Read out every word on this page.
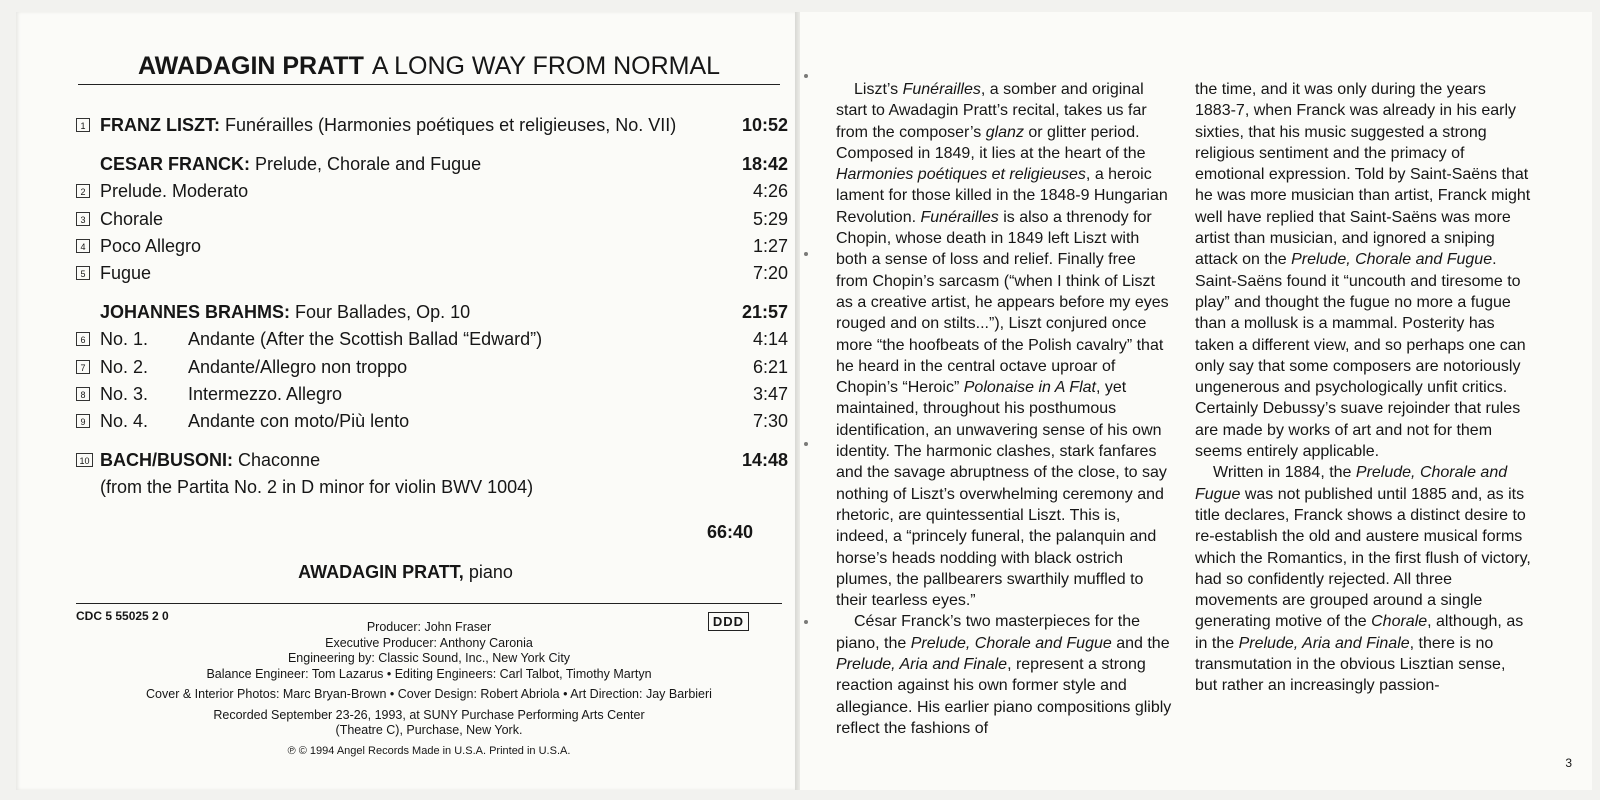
AWADAGIN PRATT A LONG WAY FROM NORMAL
1 FRANZ LISZT: Funérailles (Harmonies poétiques et religieuses, No. VII)	10:52
CESAR FRANCK: Prelude, Chorale and Fugue	18:42
2 Prelude. Moderato	4:26
3 Chorale	5:29
4 Poco Allegro	1:27
5 Fugue	7:20
JOHANNES BRAHMS: Four Ballades, Op. 10	21:57
6 No. 1. Andante (After the Scottish Ballad “Edward”)	4:14
7 No. 2. Andante/Allegro non troppo	6:21
8 No. 3. Intermezzo. Allegro	3:47
9 No. 4. Andante con moto/Più lento	7:30
10 BACH/BUSONI: Chaconne	14:48
(from the Partita No. 2 in D minor for violin BWV 1004)
66:40
AWADAGIN PRATT, piano
CDC 5 55025 2 0	DDD
Producer: John Fraser
Executive Producer: Anthony Caronia
Engineering by: Classic Sound, Inc., New York City
Balance Engineer: Tom Lazarus • Editing Engineers: Carl Talbot, Timothy Martyn
Cover & Interior Photos: Marc Bryan-Brown • Cover Design: Robert Abriola • Art Direction: Jay Barbieri
Recorded September 23-26, 1993, at SUNY Purchase Performing Arts Center
(Theatre C), Purchase, New York.
℗ © 1994 Angel Records Made in U.S.A. Printed in U.S.A.

Liszt’s Funérailles, a somber and original start to Awadagin Pratt’s recital, takes us far from the composer’s glanz or glitter period. Composed in 1849, it lies at the heart of the Harmonies poétiques et religieuses, a heroic lament for those killed in the 1848-9 Hungarian Revolution. Funérailles is also a threnody for Chopin, whose death in 1849 left Liszt with both a sense of loss and relief. Finally free from Chopin’s sarcasm (“when I think of Liszt as a creative artist, he appears before my eyes rouged and on stilts...”), Liszt conjured once more “the hoofbeats of the Polish cavalry” that he heard in the central octave uproar of Chopin’s “Heroic” Polonaise in A Flat, yet maintained, throughout his posthumous identification, an unwavering sense of his own identity. The harmonic clashes, stark fanfares and the savage abruptness of the close, to say nothing of Liszt’s overwhelming ceremony and rhetoric, are quintessential Liszt. This is, indeed, a “princely funeral, the palanquin and horse’s heads nodding with black ostrich plumes, the pallbearers swarthily muffled to their tearless eyes.”

César Franck’s two masterpieces for the piano, the Prelude, Chorale and Fugue and the Prelude, Aria and Finale, represent a strong reaction against his own former style and allegiance. His earlier piano compositions glibly reflect the fashions of

the time, and it was only during the years 1883-7, when Franck was already in his early sixties, that his music suggested a strong religious sentiment and the primacy of emotional expression. Told by Saint-Saëns that he was more musician than artist, Franck might well have replied that Saint-Saëns was more artist than musician, and ignored a sniping attack on the Prelude, Chorale and Fugue. Saint-Saëns found it “uncouth and tiresome to play” and thought the fugue no more a fugue than a mollusk is a mammal. Posterity has taken a different view, and so perhaps one can only say that some composers are notoriously ungenerous and psychologically unfit critics. Certainly Debussy’s suave rejoinder that rules are made by works of art and not for them seems entirely applicable.

Written in 1884, the Prelude, Chorale and Fugue was not published until 1885 and, as its title declares, Franck shows a distinct desire to re-establish the old and austere musical forms which the Romantics, in the first flush of victory, had so confidently rejected. All three movements are grouped around a single generating motive of the Chorale, although, as in the Prelude, Aria and Finale, there is no transmutation in the obvious Lisztian sense, but rather an increasingly passion-

3
